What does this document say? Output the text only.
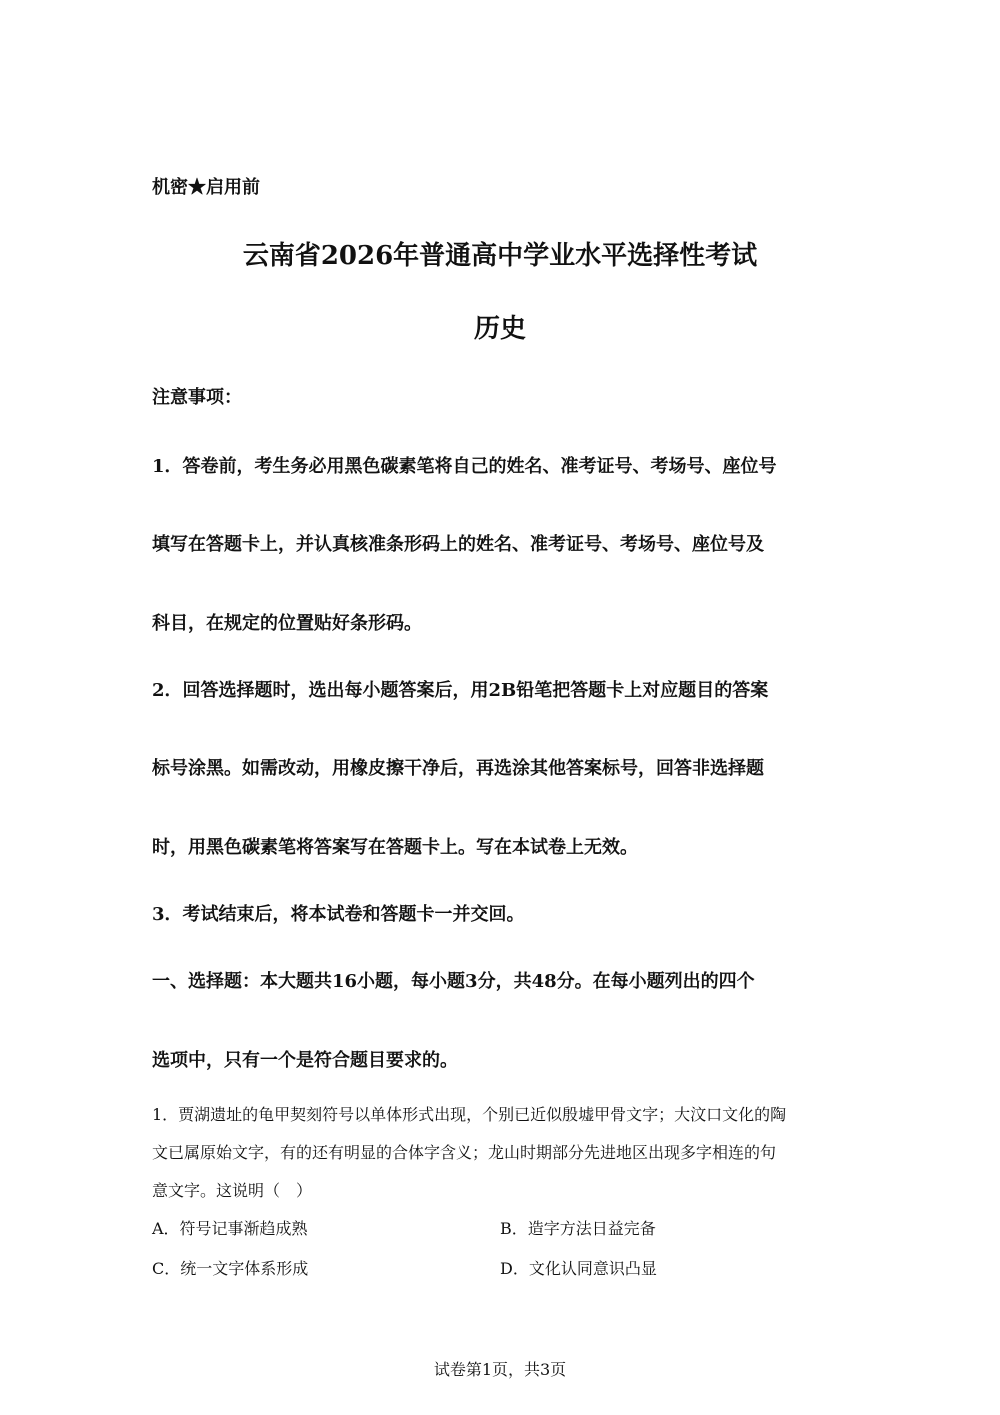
机密★启用前
云南省2026年普通高中学业水平选择性考试
历史
注意事项：
1．答卷前，考生务必用黑色碳素笔将自己的姓名、准考证号、考场号、座位号
填写在答题卡上，并认真核准条形码上的姓名、准考证号、考场号、座位号及
科目，在规定的位置贴好条形码。
2．回答选择题时，选出每小题答案后，用2B铅笔把答题卡上对应题目的答案
标号涂黑。如需改动，用橡皮擦干净后，再选涂其他答案标号，回答非选择题
时，用黑色碳素笔将答案写在答题卡上。写在本试卷上无效。
3．考试结束后，将本试卷和答题卡一并交回。
一、选择题：本大题共16小题，每小题3分，共48分。在每小题列出的四个
选项中，只有一个是符合题目要求的。
1．贾湖遗址的龟甲契刻符号以单体形式出现，个别已近似殷墟甲骨文字；大汶口文化的陶
文已属原始文字，有的还有明显的合体字含义；龙山时期部分先进地区出现多字相连的句
意文字。这说明（　）
A．符号记事渐趋成熟	B．造字方法日益完备
C．统一文字体系形成	D．文化认同意识凸显
试卷第1页，共3页
